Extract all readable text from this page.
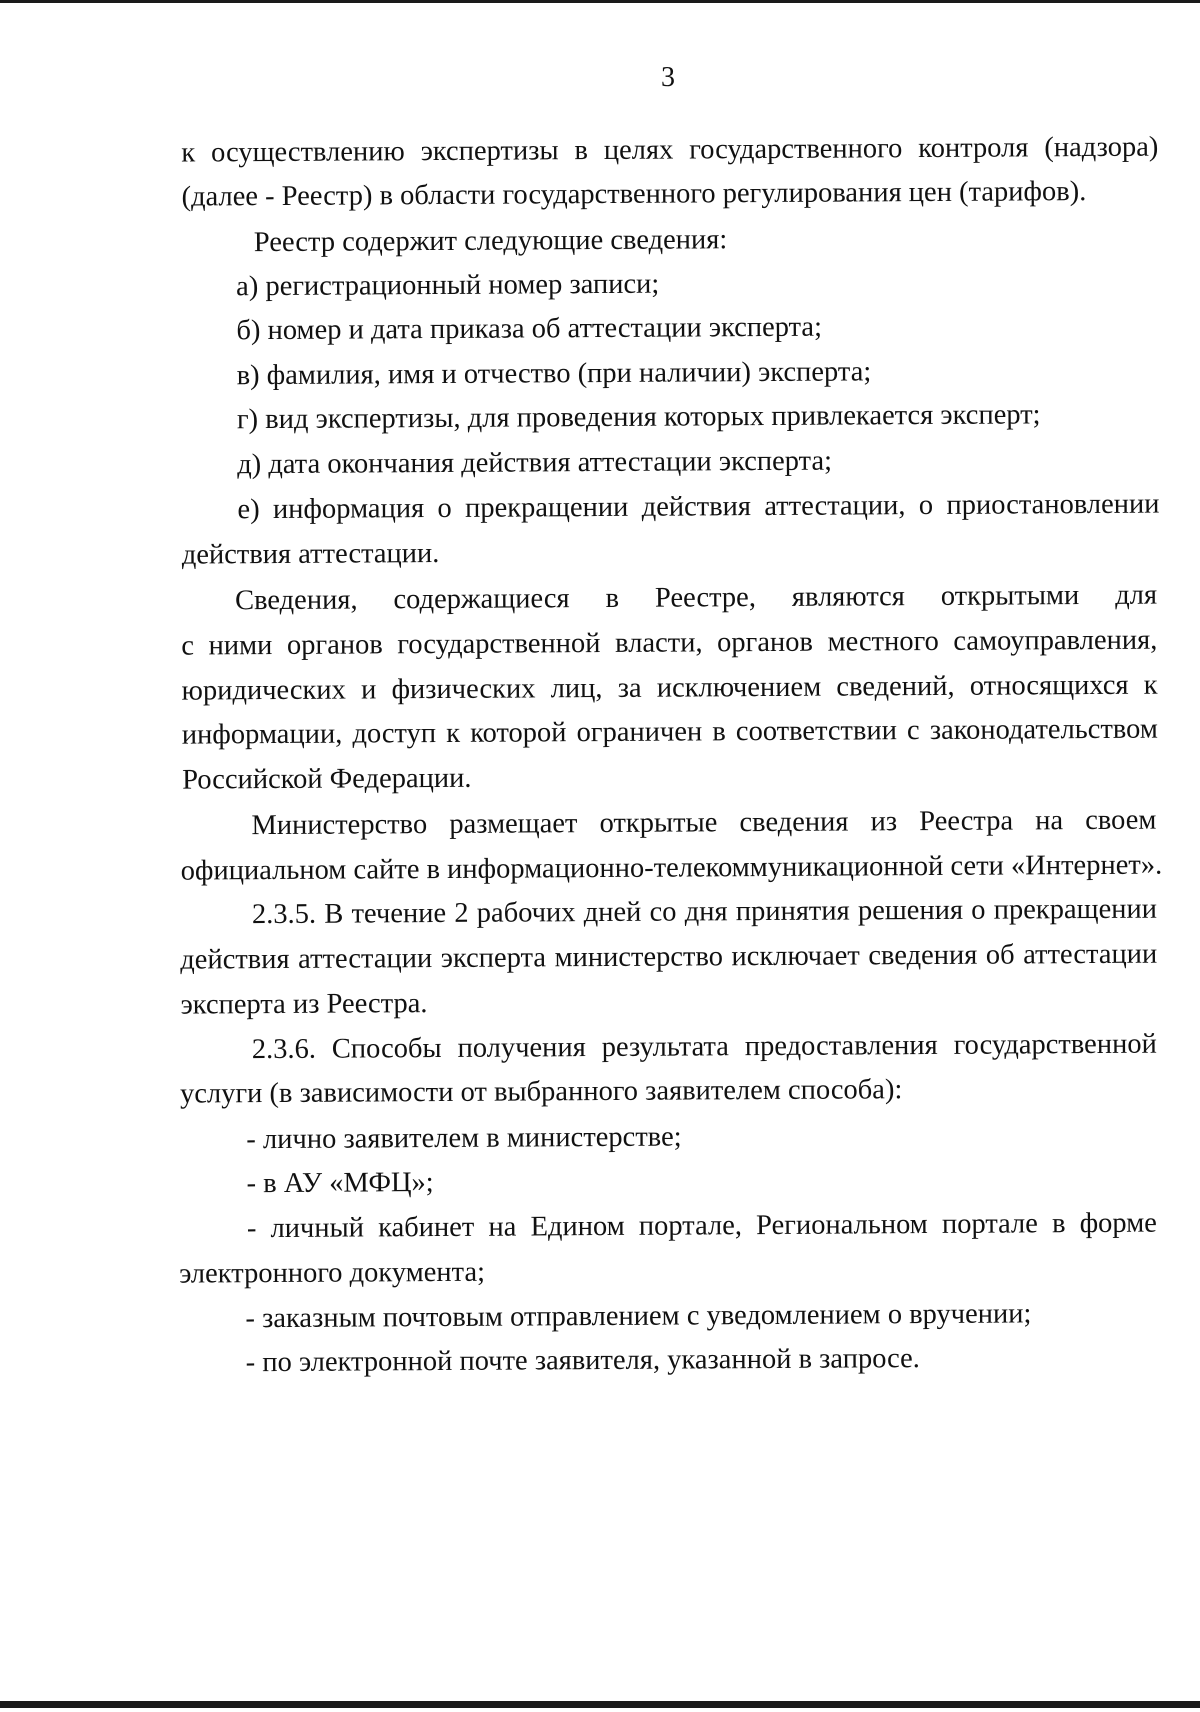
3
к осуществлению экспертизы в целях государственного контроля (надзора)
(далее - Реестр) в области государственного регулирования цен (тарифов).
Реестр содержит следующие сведения:
а) регистрационный номер записи;
б) номер и дата приказа об аттестации эксперта;
в) фамилия, имя и отчество (при наличии) эксперта;
г) вид экспертизы, для проведения которых привлекается эксперт;
д) дата окончания действия аттестации эксперта;
е) информация о прекращении действия аттестации, о приостановлении
действия аттестации.
Сведения, содержащиеся в Реестре, являются открытыми для
с ними органов государственной власти, органов местного самоуправления,
юридических и физических лиц, за исключением сведений, относящихся к
информации, доступ к которой ограничен в соответствии с законодательством
Российской Федерации.
Министерство размещает открытые сведения из Реестра на своем
официальном сайте в информационно-телекоммуникационной сети «Интернет».
2.3.5. В течение 2 рабочих дней со дня принятия решения о прекращении
действия аттестации эксперта министерство исключает сведения об аттестации
эксперта из Реестра.
2.3.6. Способы получения результата предоставления государственной
услуги (в зависимости от выбранного заявителем способа):
- лично заявителем в министерстве;
- в АУ «МФЦ»;
- личный кабинет на Едином портале, Региональном портале в форме
электронного документа;
- заказным почтовым отправлением с уведомлением о вручении;
- по электронной почте заявителя, указанной в запросе.
